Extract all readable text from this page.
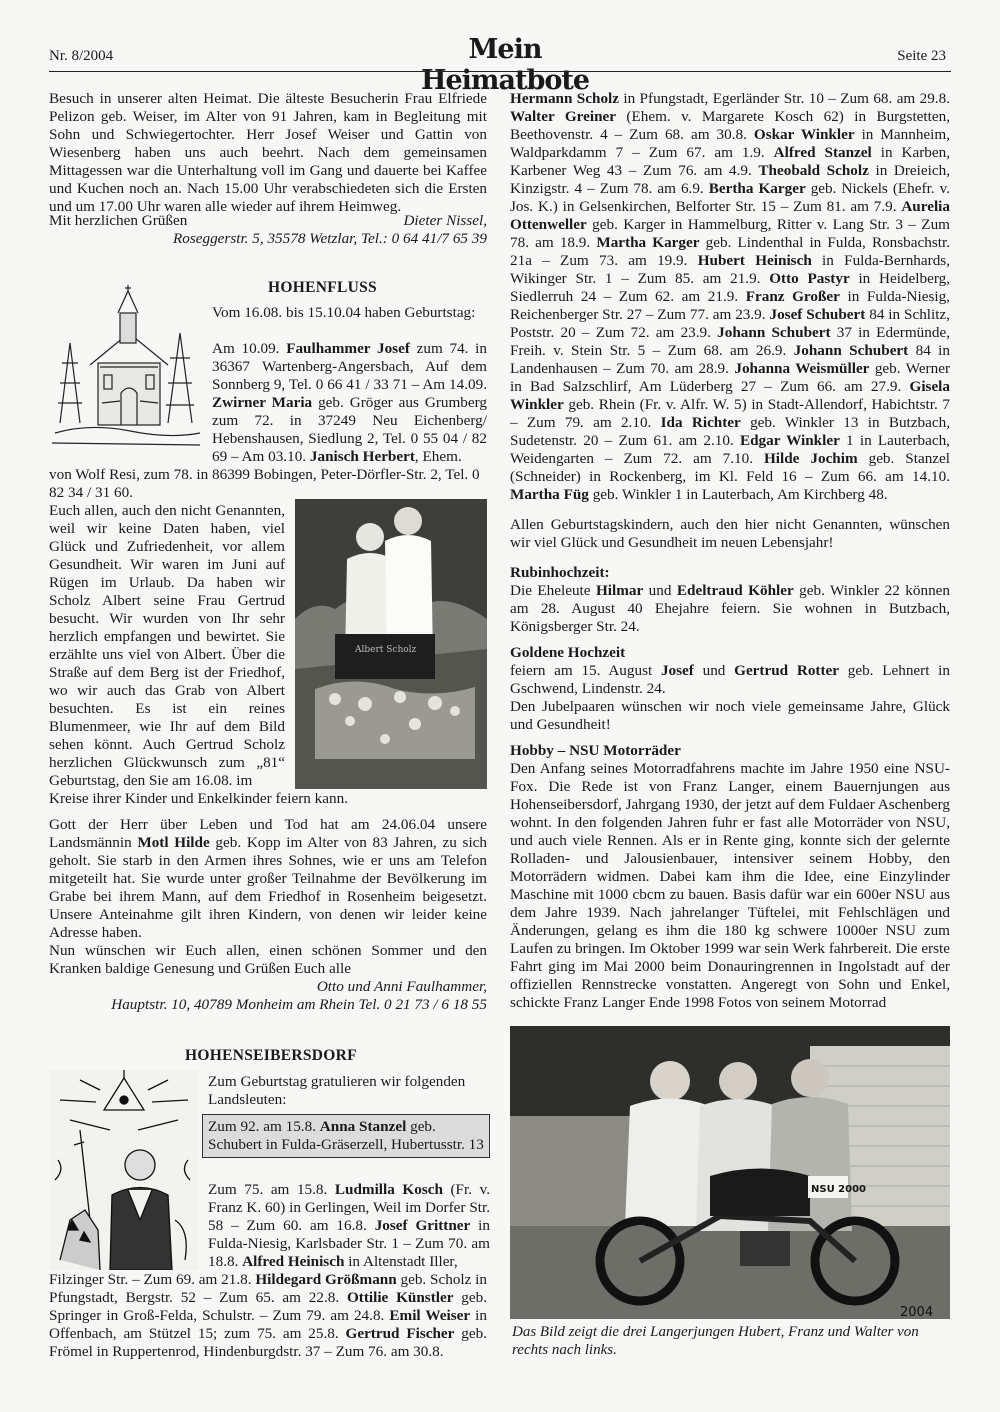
Nr. 8/2004	Mein Heimatbote
Seite 23
Besuch in unserer alten Heimat. Die älteste Besucherin Frau Elfriede Pelizon geb. Weiser, im Alter von 91 Jahren, kam in Begleitung mit Sohn und Schwiegertochter. Herr Josef Weiser und Gattin von Wiesenberg haben uns auch beehrt. Nach dem gemeinsamen Mittagessen war die Unterhaltung voll im Gang und dauerte bei Kaffee und Kuchen noch an. Nach 15.00 Uhr verabschiedeten sich die Ersten und um 17.00 Uhr waren alle wieder auf ihrem Heimweg.
Mit herzlichen Grüßen	Dieter Nissel,
Roseggerstr. 5, 35578 Wetzlar, Tel.: 0 64 41/7 65 39
HOHENFLUSS
Vom 16.08. bis 15.10.04 haben Geburtstag:
Am 10.09. Faulhammer Josef zum 74. in 36367 Wartenberg-Angersbach, Auf dem Sonnberg 9, Tel. 0 66 41 / 33 71 – Am 14.09. Zwirner Maria geb. Gröger aus Grumberg zum 72. in 37249 Neu Eichenberg/ Hebenshausen, Siedlung 2, Tel. 0 55 04 / 82 69 – Am 03.10. Janisch Herbert, Ehem.
von Wolf Resi, zum 78. in 86399 Bobingen, Peter-Dörfler-Str. 2, Tel. 0 82 34 / 31 60.
Euch allen, auch den nicht Genannten, weil wir keine Daten haben, viel Glück und Zufriedenheit, vor allem Gesundheit. Wir waren im Juni auf Rügen im Urlaub. Da haben wir Scholz Albert seine Frau Gertrud besucht. Wir wurden von Ihr sehr herzlich empfangen und bewirtet. Sie erzählte uns viel von Albert. Über die Straße auf dem Berg ist der Friedhof, wo wir auch das Grab von Albert besuchten. Es ist ein reines Blumenmeer, wie Ihr auf dem Bild sehen könnt. Auch Gertrud Scholz herzlichen Glückwunsch zum „81“ Geburtstag, den Sie am 16.08. im
Kreise ihrer Kinder und Enkelkinder feiern kann.
Albert Scholz
Gott der Herr über Leben und Tod hat am 24.06.04 unsere Landsmännin Motl Hilde geb. Kopp im Alter von 83 Jahren, zu sich geholt. Sie starb in den Armen ihres Sohnes, wie er uns am Telefon mitgeteilt hat. Sie wurde unter großer Teilnahme der Bevölkerung im Grabe bei ihrem Mann, auf dem Friedhof in Rosenheim beigesetzt. Unsere Anteinahme gilt ihren Kindern, von denen wir leider keine Adresse haben.
Nun wünschen wir Euch allen, einen schönen Sommer und den Kranken baldige Genesung und Grüßen Euch alle
Otto und Anni Faulhammer,
Hauptstr. 10, 40789 Monheim am Rhein Tel. 0 21 73 / 6 18 55
HOHENSEIBERSDORF
Zum Geburtstag gratulieren wir folgenden Landsleuten:
Zum 92. am 15.8. Anna Stanzel geb. Schubert in Fulda-Gräserzell, Hubertusstr. 13
Zum 75. am 15.8. Ludmilla Kosch (Fr. v. Franz K. 60) in Gerlingen, Weil im Dorfer Str. 58 – Zum 60. am 16.8. Josef Grittner in Fulda-Niesig, Karlsbader Str. 1 – Zum 70. am 18.8. Alfred Heinisch in Altenstadt Iller,
Filzinger Str. – Zum 69. am 21.8. Hildegard Größmann geb. Scholz in Pfungstadt, Bergstr. 52 – Zum 65. am 22.8. Ottilie Künstler geb. Springer in Groß-Felda, Schulstr. – Zum 79. am 24.8. Emil Weiser in Offenbach, am Stützel 15; zum 75. am 25.8. Gertrud Fischer geb. Frömel in Ruppertenrod, Hindenburgdstr. 37 – Zum 76. am 30.8.
Hermann Scholz in Pfungstadt, Egerländer Str. 10 – Zum 68. am 29.8. Walter Greiner (Ehem. v. Margarete Kosch 62) in Burgstetten, Beethovenstr. 4 – Zum 68. am 30.8. Oskar Winkler in Mannheim, Waldparkdamm 7 – Zum 67. am 1.9. Alfred Stanzel in Karben, Karbener Weg 43 – Zum 76. am 4.9. Theobald Scholz in Dreieich, Kinzigstr. 4 – Zum 78. am 6.9. Bertha Karger geb. Nickels (Ehefr. v. Jos. K.) in Gelsenkirchen, Belforter Str. 15 – Zum 81. am 7.9. Aurelia Ottenweller geb. Karger in Hammelburg, Ritter v. Lang Str. 3 – Zum 78. am 18.9. Martha Karger geb. Lindenthal in Fulda, Ronsbachstr. 21a – Zum 73. am 19.9. Hubert Heinisch in Fulda-Bernhards, Wikinger Str. 1 – Zum 85. am 21.9. Otto Pastyr in Heidelberg, Siedlerruh 24 – Zum 62. am 21.9. Franz Großer in Fulda-Niesig, Reichenberger Str. 27 – Zum 77. am 23.9. Josef Schubert 84 in Schlitz, Poststr. 20 – Zum 72. am 23.9. Johann Schubert 37 in Edermünde, Freih. v. Stein Str. 5 – Zum 68. am 26.9. Johann Schubert 84 in Landenhausen – Zum 70. am 28.9. Johanna Weismüller geb. Werner in Bad Salzschlirf, Am Lüderberg 27 – Zum 66. am 27.9. Gisela Winkler geb. Rhein (Fr. v. Alfr. W. 5) in Stadt-Allendorf, Habichtstr. 7 – Zum 79. am 2.10. Ida Richter geb. Winkler 13 in Butzbach, Sudetenstr. 20 – Zum 61. am 2.10. Edgar Winkler 1 in Lauterbach, Weidengarten – Zum 72. am 7.10. Hilde Jochim geb. Stanzel (Schneider) in Rockenberg, im Kl. Feld 16 – Zum 66. am 14.10. Martha Füg geb. Winkler 1 in Lauterbach, Am Kirchberg 48.
Allen Geburtstagskindern, auch den hier nicht Genannten, wünschen wir viel Glück und Gesundheit im neuen Lebensjahr!
Rubinhochzeit:
Die Eheleute Hilmar und Edeltraud Köhler geb. Winkler 22 können am 28. August 40 Ehejahre feiern. Sie wohnen in Butzbach, Königsberger Str. 24.
Goldene Hochzeit
feiern am 15. August Josef und Gertrud Rotter geb. Lehnert in Gschwend, Lindenstr. 24.
Den Jubelpaaren wünschen wir noch viele gemeinsame Jahre, Glück und Gesundheit!
Hobby – NSU Motorräder
Den Anfang seines Motorradfahrens machte im Jahre 1950 eine NSU-Fox. Die Rede ist von Franz Langer, einem Bauernjungen aus Hohenseibersdorf, Jahrgang 1930, der jetzt auf dem Fuldaer Aschenberg wohnt. In den folgenden Jahren fuhr er fast alle Motorräder von NSU, und auch viele Rennen. Als er in Rente ging, konnte sich der gelernte Rolladen- und Jalousienbauer, intensiver seinem Hobby, den Motorrädern widmen. Dabei kam ihm die Idee, eine Einzylinder Maschine mit 1000 cbcm zu bauen. Basis dafür war ein 600er NSU aus dem Jahre 1939. Nach jahrelanger Tüftelei, mit Fehlschlägen und Änderungen, gelang es ihm die 180 kg schwere 1000er NSU zum Laufen zu bringen. Im Oktober 1999 war sein Werk fahrbereit. Die erste Fahrt ging im Mai 2000 beim Donauringrennen in Ingolstadt auf der offiziellen Rennstrecke vonstatten. Angeregt von Sohn und Enkel, schickte Franz Langer Ende 1998 Fotos von seinem Motorrad
NSU 2000
2004
Das Bild zeigt die drei Langerjungen Hubert, Franz und Walter von rechts nach links.
